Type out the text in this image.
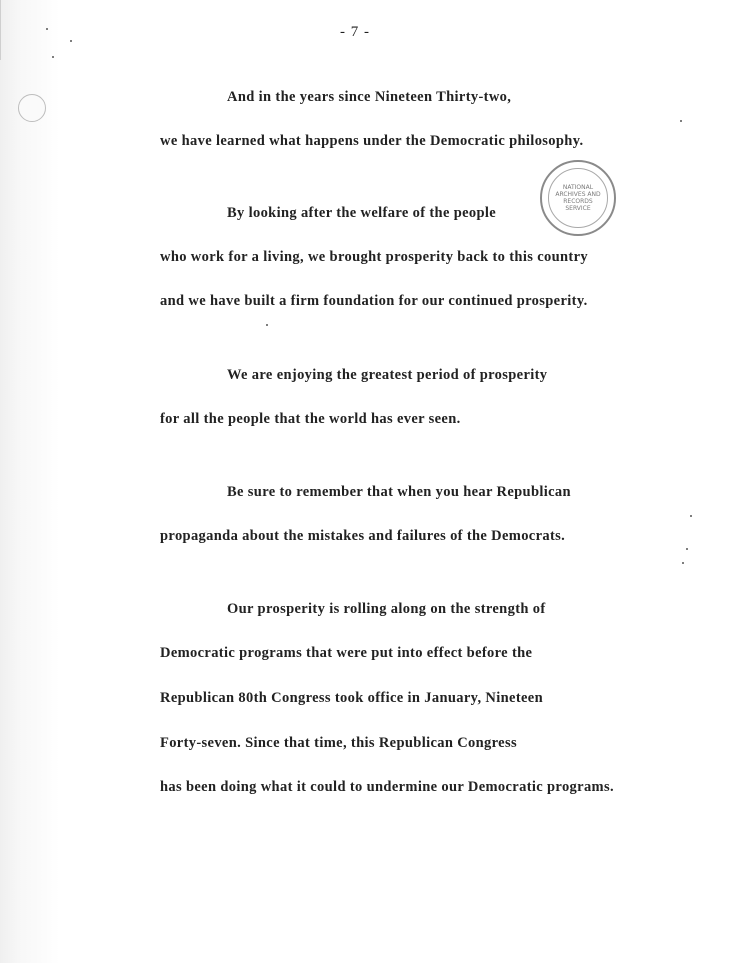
- 7 -
NATIONAL
ARCHIVES AND
RECORDS
SERVICE
And in the years since Nineteen Thirty-two,
we have learned what happens under the Democratic philosophy.
By looking after the welfare of the people
who work for a living, we brought prosperity back to this country
and we have built a firm foundation for our continued prosperity.
We are enjoying the greatest period of prosperity
for all the people that the world has ever seen.
Be sure to remember that when you hear Republican
propaganda about the mistakes and failures of the Democrats.
Our prosperity is rolling along on the strength of
Democratic programs that were put into effect before the
Republican 80th Congress took office in January, Nineteen
Forty-seven. Since that time, this Republican Congress
has been doing what it could to undermine our Democratic programs.
